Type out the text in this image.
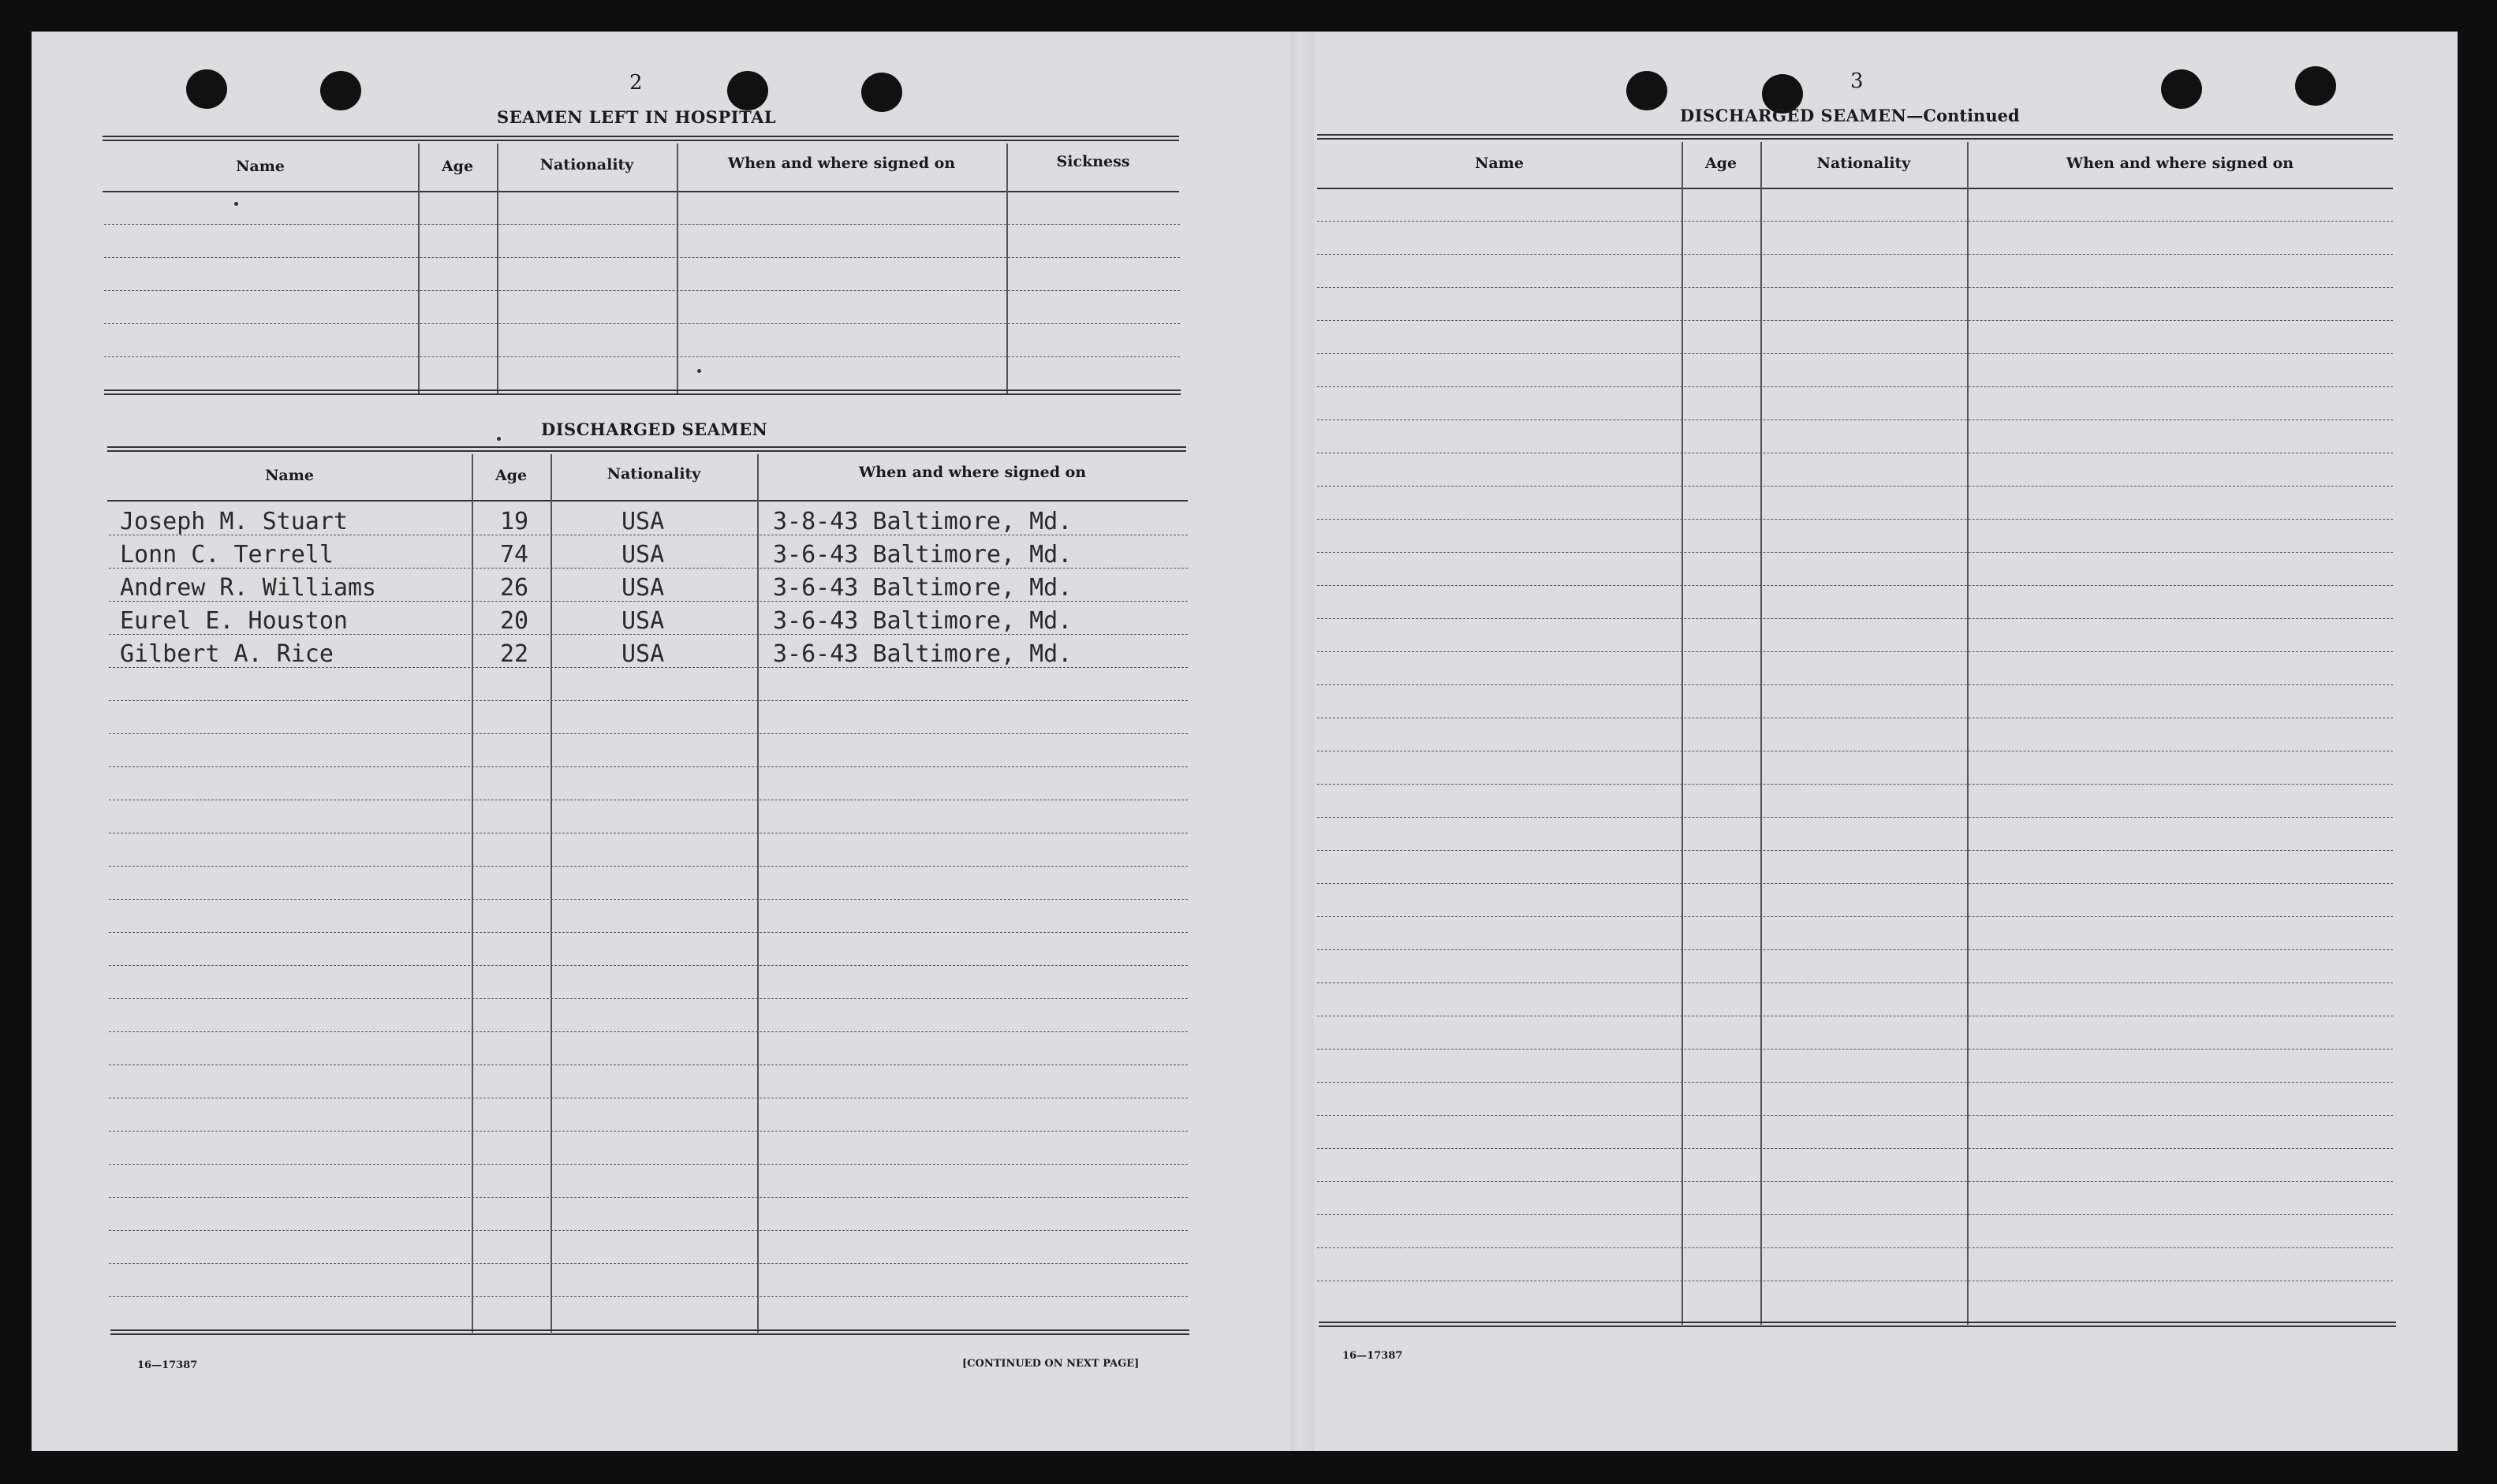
2
SEAMEN LEFT IN HOSPITAL
Name	Age	Nationality	When and where signed on	Sickness
DISCHARGED SEAMEN
Name	Age	Nationality	When and where signed on
Joseph M. Stuart	19	USA	3-8-43 Baltimore, Md.
Lonn C. Terrell	74	USA	3-6-43 Baltimore, Md.
Andrew R. Williams	26	USA	3-6-43 Baltimore, Md.
Eurel E. Houston	20	USA	3-6-43 Baltimore, Md.
Gilbert A. Rice	22	USA	3-6-43 Baltimore, Md.
16—17387	[CONTINUED ON NEXT PAGE]
3
DISCHARGED SEAMEN—Continued
Name	Age	Nationality	When and where signed on
16—17387
